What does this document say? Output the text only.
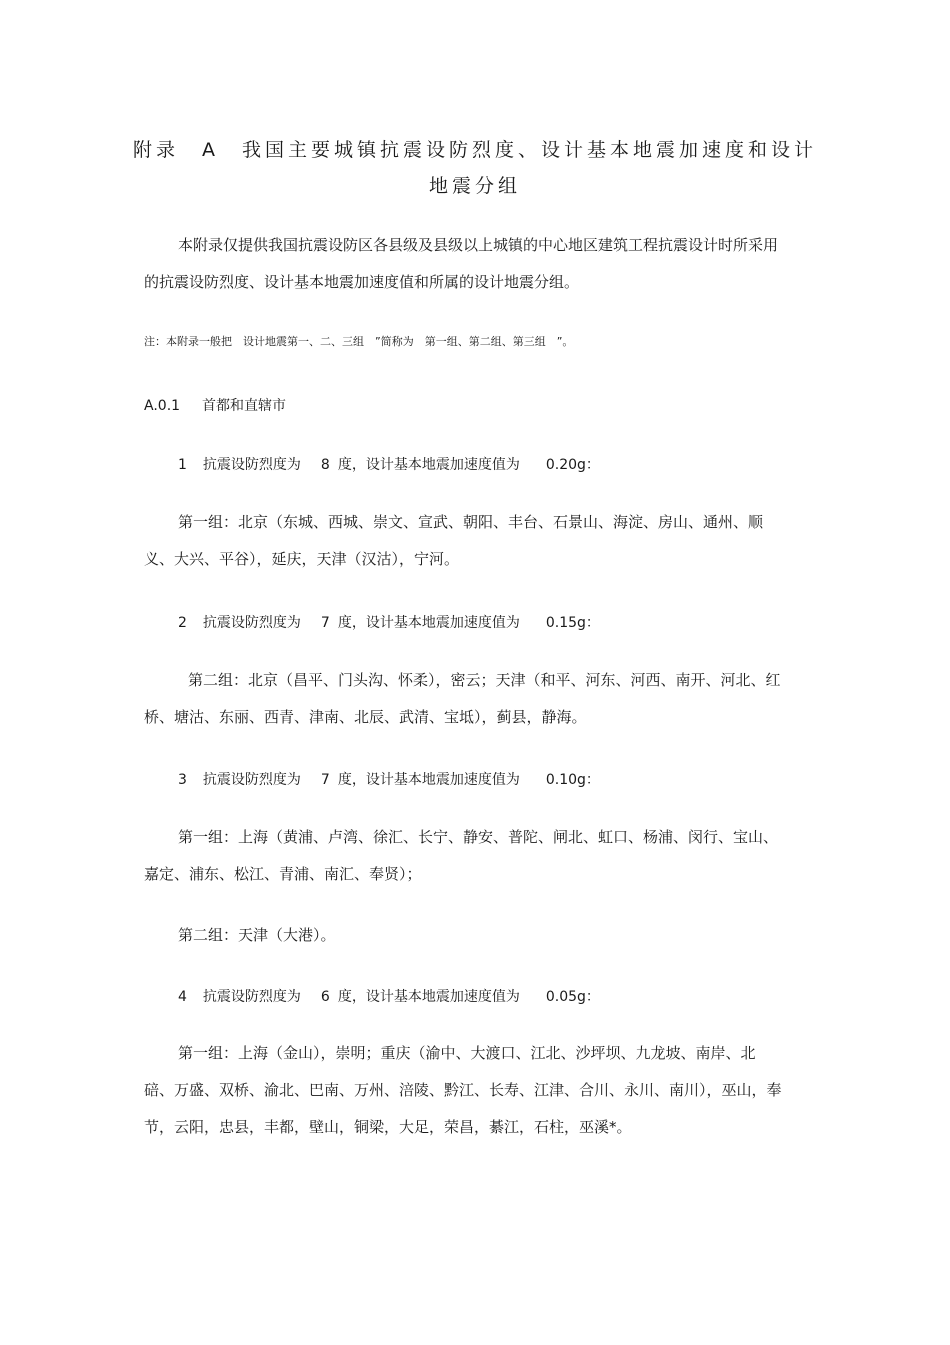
附录　A　我国主要城镇抗震设防烈度、设计基本地震加速度和设计
地震分组

本附录仅提供我国抗震设防区各县级及县级以上城镇的中心地区建筑工程抗震设计时所采用的抗震设防烈度、设计基本地震加速度值和所属的设计地震分组。

注：本附录一般把　设计地震第一、二、三组　”简称为　第一组、第二组、第三组　”。
A.0.1 首都和直辖市
1 抗震设防烈度为 8 度，设计基本地震加速度值为 0.20g：

第一组：北京（东城、西城、崇文、宣武、朝阳、丰台、石景山、海淀、房山、通州、顺义、大兴、平谷），延庆，天津（汉沽），宁河。

2 抗震设防烈度为 7 度，设计基本地震加速度值为 0.15g：

第二组：北京（昌平、门头沟、怀柔），密云；天津（和平、河东、河西、南开、河北、红桥、塘沽、东丽、西青、津南、北辰、武清、宝坻），蓟县，静海。

3 抗震设防烈度为 7 度，设计基本地震加速度值为 0.10g：

第一组：上海（黄浦、卢湾、徐汇、长宁、静安、普陀、闸北、虹口、杨浦、闵行、宝山、嘉定、浦东、松江、青浦、南汇、奉贤）；

第二组：天津（大港）。

4 抗震设防烈度为 6 度，设计基本地震加速度值为 0.05g：

第一组：上海（金山），崇明；重庆（渝中、大渡口、江北、沙坪坝、九龙坡、南岸、北碚、万盛、双桥、渝北、巴南、万州、涪陵、黔江、长寿、江津、合川、永川、南川），巫山，奉节，云阳，忠县，丰都，壁山，铜梁，大足，荣昌，綦江，石柱，巫溪*。
